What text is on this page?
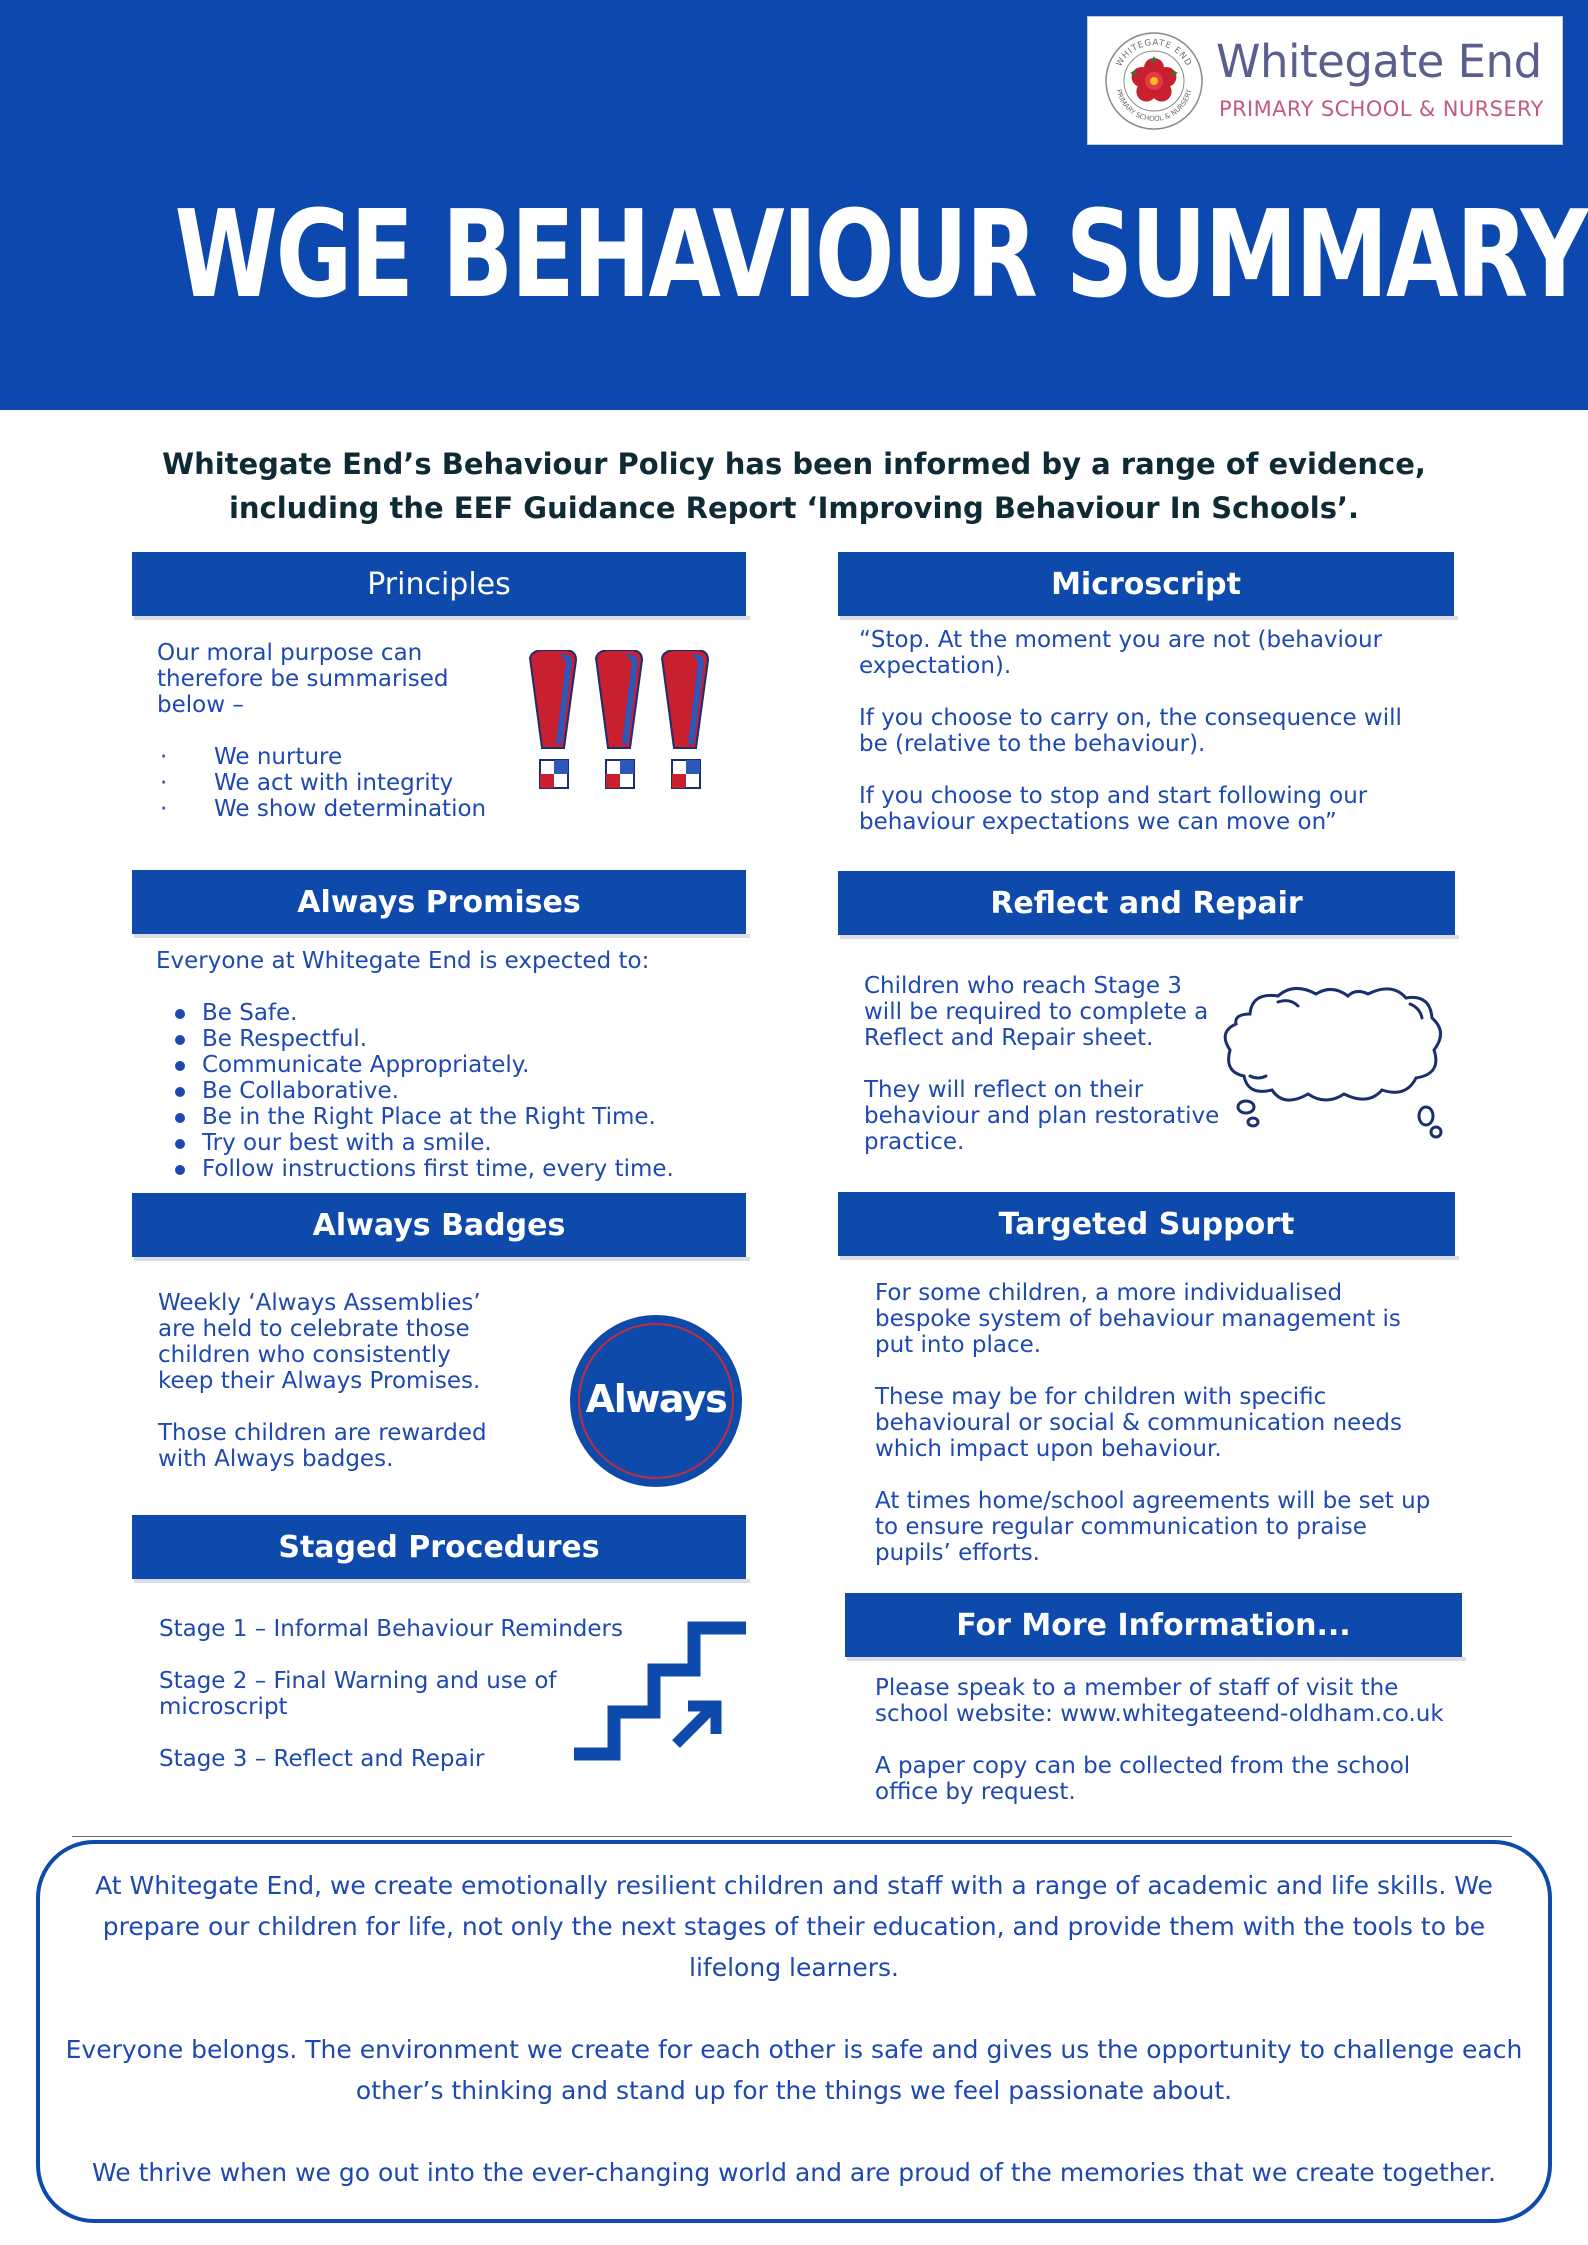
WHITEGATE END
PRIMARY SCHOOL & NURSERY
Whitegate End
PRIMARY SCHOOL & NURSERY
WGE BEHAVIOUR SUMMARY
Whitegate End’s Behaviour Policy has been informed by a range of evidence,
including the EEF Guidance Report ‘Improving Behaviour In Schools’.
Principles
Our moral purpose can
therefore be summarised
below –
· We nurture
· We act with integrity
· We show determination
Microscript

“Stop. At the moment you are not (behaviour
expectation).

If you choose to carry on, the consequence will
be (relative to the behaviour).

If you choose to stop and start following our
behaviour expectations we can move on”

Always Promises
Everyone at Whitegate End is expected to:
Be Safe.
Be Respectful.
Communicate Appropriately.
Be Collaborative.
Be in the Right Place at the Right Time.
Try our best with a smile.
Follow instructions first time, every time.
Reflect and Repair

Children who reach Stage 3
will be required to complete a
Reflect and Repair sheet.

They will reflect on their
behaviour and plan restorative
practice.

Always Badges

Weekly ‘Always Assemblies’
are held to celebrate those
children who consistently
keep their Always Promises.

Those children are rewarded
with Always badges.

Always
Targeted Support

For some children, a more individualised
bespoke system of behaviour management is
put into place.

These may be for children with specific
behavioural or social & communication needs
which impact upon behaviour.

At times home/school agreements will be set up
to ensure regular communication to praise
pupils’ efforts.

Staged Procedures

Stage 1 – Informal Behaviour Reminders

Stage 2 – Final Warning and use of
microscript

Stage 3 – Reflect and Repair

For More Information...

Please speak to a member of staff of visit the
school website: www.whitegateend-oldham.co.uk

A paper copy can be collected from the school
office by request.

At Whitegate End, we create emotionally resilient children and staff with a range of academic and life skills. We
prepare our children for life, not only the next stages of their education, and provide them with the tools to be
lifelong learners.

Everyone belongs. The environment we create for each other is safe and gives us the opportunity to challenge each
other’s thinking and stand up for the things we feel passionate about.

We thrive when we go out into the ever-changing world and are proud of the memories that we create together.
